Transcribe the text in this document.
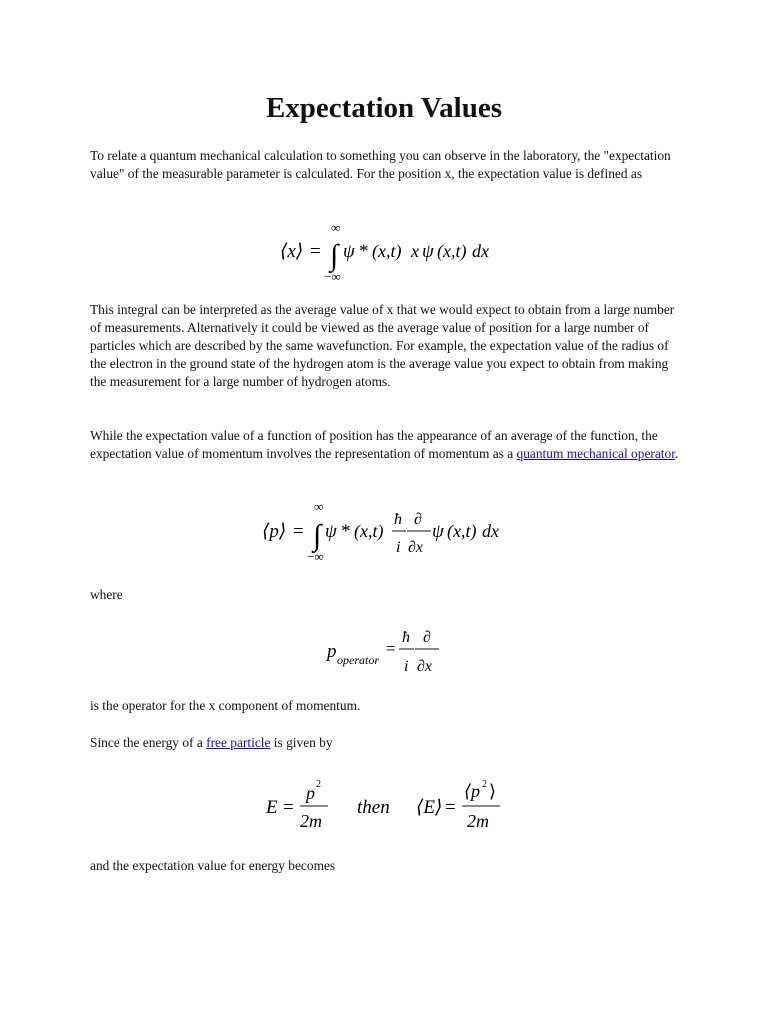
Expectation Values

To relate a quantum mechanical calculation to something you can observe in the laboratory, the "expectation value" of the measurable parameter is calculated. For the position x, the expectation value is defined as

⟨x⟩ =
∞
∫
−∞
ψ * (x,t) x ψ (x,t) dx

This integral can be interpreted as the average value of x that we would expect to obtain from a large number of measurements. Alternatively it could be viewed as the average value of position for a large number of particles which are described by the same wavefunction. For example, the expectation value of the radius of the electron in the ground state of the hydrogen atom is the average value you expect to obtain from making the measurement for a large number of hydrogen atoms.

While the expectation value of a function of position has the appearance of an average of the function, the expectation value of momentum involves the representation of momentum as a quantum mechanical operator.

⟨p⟩ =
∞
∫
−∞
ψ * (x,t)
ħ
i
∂
∂x
ψ (x,t) dx

where

p operator
=
ħ
i
∂
∂x

is the operator for the x component of momentum.

Since the energy of a free particle is given by

E =
p 2
2m
then ⟨E⟩ =
⟨p 2 ⟩
2m

and the expectation value for energy becomes
